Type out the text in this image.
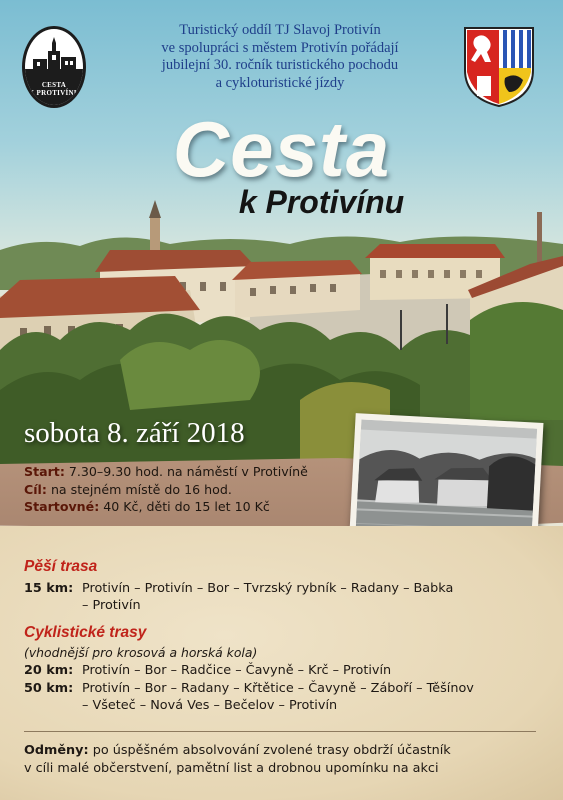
CESTA
K PROTIVÍNU
Turistický oddíl TJ Slavoj Protivín
ve spolupráci s městem Protivín pořádají
jubilejní 30. ročník turistického pochodu
a cykloturistické jízdy
Cesta
k Protivínu
sobota 8. září 2018
Start: 7.30–9.30 hod. na náměstí v Protivíně
Cíl: na stejném místě do 16 hod.
Startovné: 40 Kč, děti do 15 let 10 Kč
Pěší trasa
15 km: Protivín – Protivín – Bor – Tvrzský rybník – Radany – Babka
– Protivín
Cyklistické trasy
(vhodnější pro krosová a horská kola)
20 km: Protivín – Bor – Radčice – Čavyně – Krč – Protivín
50 km: Protivín – Bor – Radany – Křtětice – Čavyně – Záboří – Těšínov
– Všeteč – Nová Ves – Bečelov – Protivín
Odměny: po úspěšném absolvování zvolené trasy obdrží účastník
v cíli malé občerstvení, pamětní list a drobnou upomínku na akci
